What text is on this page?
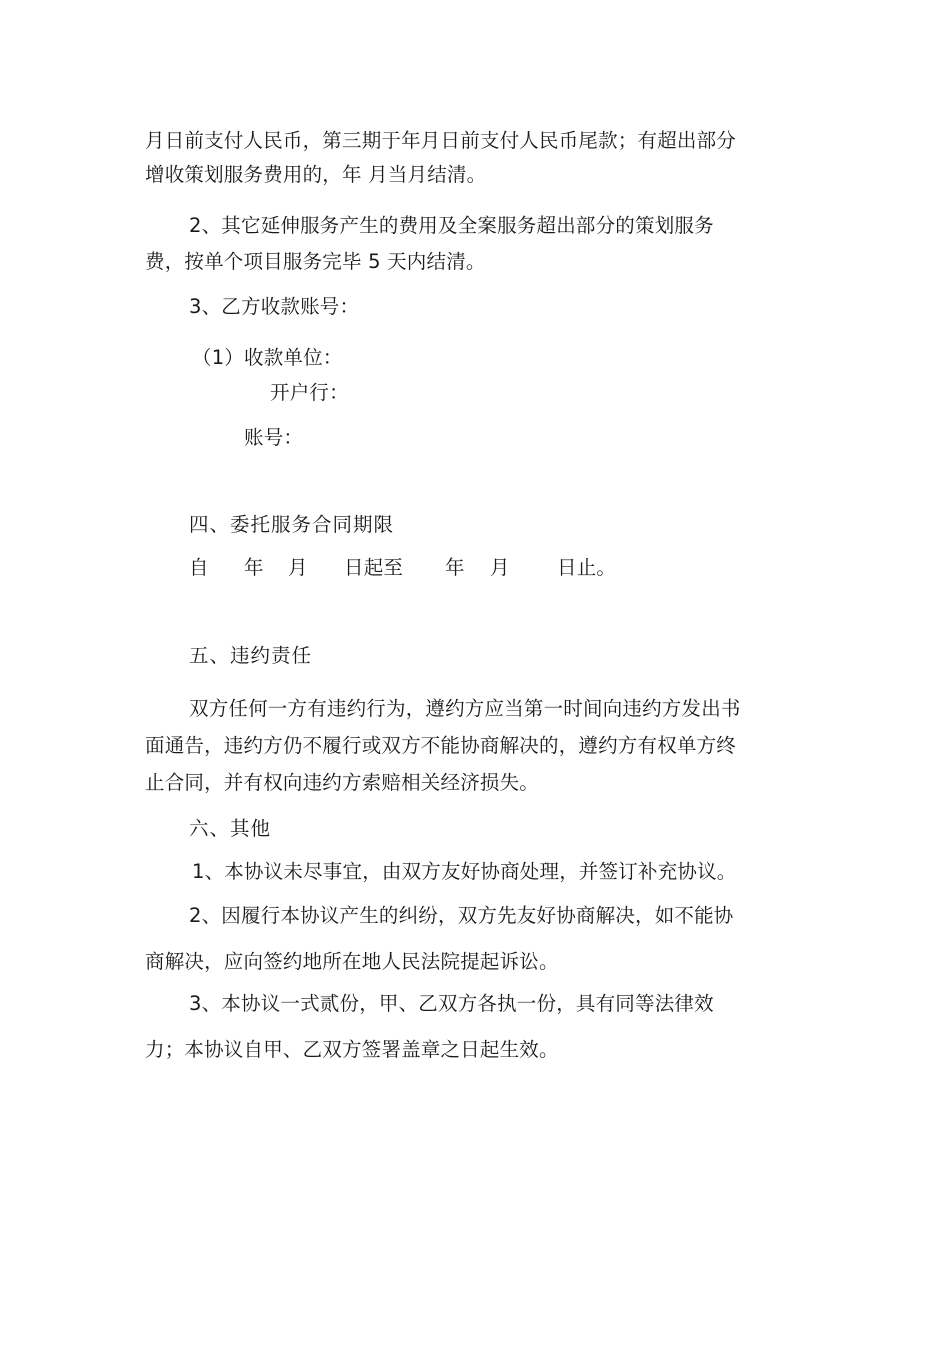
月日前支付人民币，第三期于年月日前支付人民币尾款；有超出部分
增收策划服务费用的，年 月当月结清。
2、其它延伸服务产生的费用及全案服务超出部分的策划服务
费，按单个项目服务完毕 5 天内结清。
3、乙方收款账号：
（1）收款单位：
开户行：
账号：
四、委托服务合同期限
自 年 月 日起至 年 月 日止。
五、违约责任
双方任何一方有违约行为，遵约方应当第一时间向违约方发出书
面通告，违约方仍不履行或双方不能协商解决的，遵约方有权单方终
止合同，并有权向违约方索赔相关经济损失。
六、其他
1、本协议未尽事宜，由双方友好协商处理，并签订补充协议。
2、因履行本协议产生的纠纷，双方先友好协商解决，如不能协
商解决，应向签约地所在地人民法院提起诉讼。
3、本协议一式贰份，甲、乙双方各执一份，具有同等法律效
力；本协议自甲、乙双方签署盖章之日起生效。
